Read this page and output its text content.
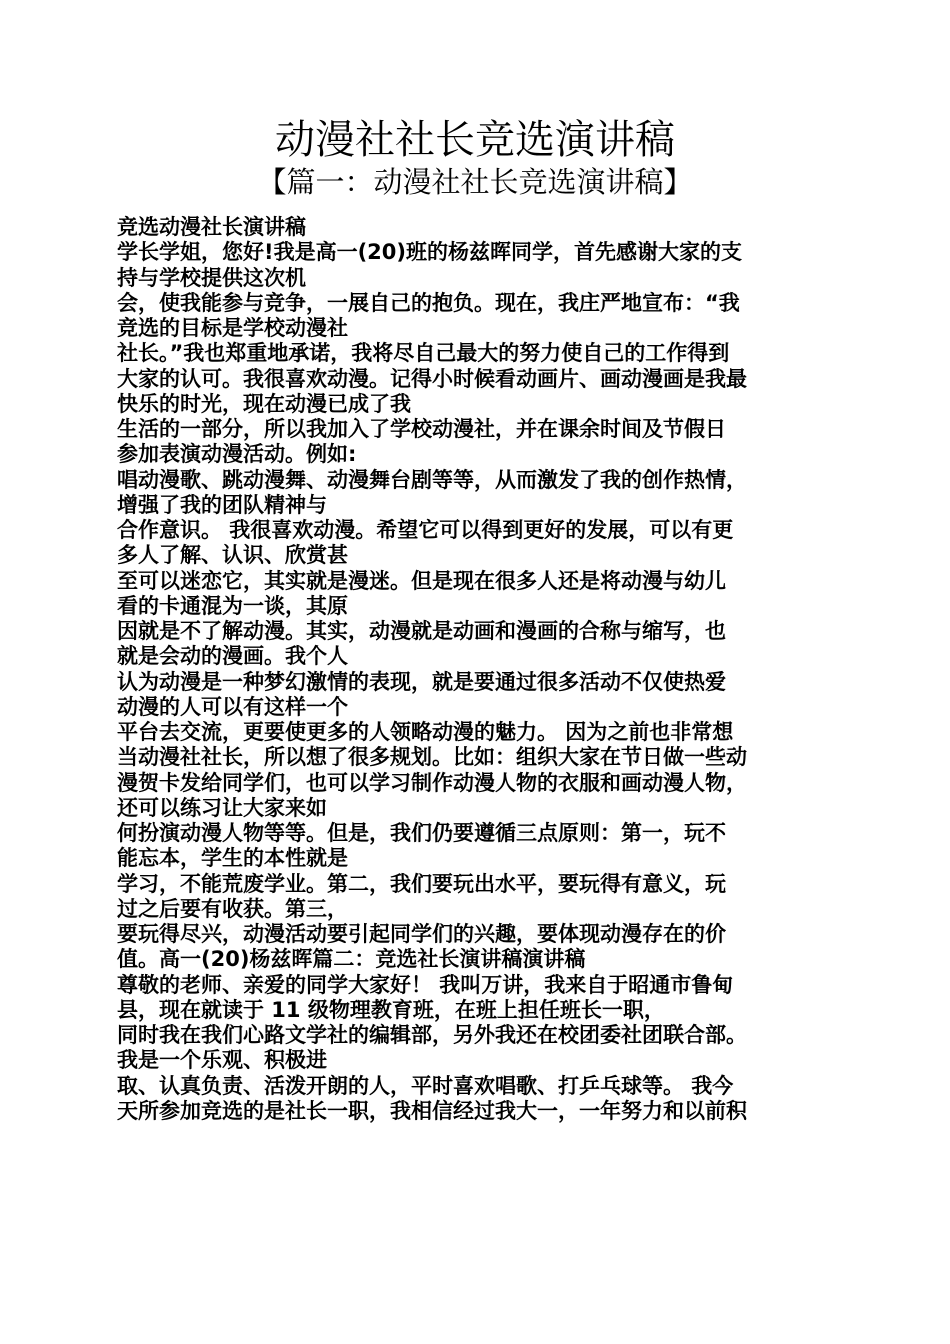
动漫社社长竞选演讲稿
【篇一：动漫社社长竞选演讲稿】
竞选动漫社长演讲稿
学长学姐，您好!我是高一(20)班的杨兹晖同学，首先感谢大家的支
持与学校提供这次机
会，使我能参与竞争，一展自己的抱负。现在，我庄严地宣布：“我
竞选的目标是学校动漫社
社长。”我也郑重地承诺，我将尽自己最大的努力使自己的工作得到
大家的认可。我很喜欢动漫。记得小时候看动画片、画动漫画是我最
快乐的时光，现在动漫已成了我
生活的一部分，所以我加入了学校动漫社，并在课余时间及节假日
参加表演动漫活动。例如:
唱动漫歌、跳动漫舞、动漫舞台剧等等，从而激发了我的创作热情，
增强了我的团队精神与
合作意识。 我很喜欢动漫。希望它可以得到更好的发展，可以有更
多人了解、认识、欣赏甚
至可以迷恋它，其实就是漫迷。但是现在很多人还是将动漫与幼儿
看的卡通混为一谈，其原
因就是不了解动漫。其实，动漫就是动画和漫画的合称与缩写，也
就是会动的漫画。我个人
认为动漫是一种梦幻激情的表现，就是要通过很多活动不仅使热爱
动漫的人可以有这样一个
平台去交流，更要使更多的人领略动漫的魅力。 因为之前也非常想
当动漫社社长，所以想了很多规划。比如：组织大家在节日做一些动
漫贺卡发给同学们，也可以学习制作动漫人物的衣服和画动漫人物，
还可以练习让大家来如
何扮演动漫人物等等。但是，我们仍要遵循三点原则：第一，玩不
能忘本，学生的本性就是
学习，不能荒废学业。第二，我们要玩出水平，要玩得有意义，玩
过之后要有收获。第三，
要玩得尽兴，动漫活动要引起同学们的兴趣，要体现动漫存在的价
值。高一(20)杨兹晖篇二：竞选社长演讲稿演讲稿
尊敬的老师、亲爱的同学大家好！ 我叫万讲，我来自于昭通市鲁甸
县，现在就读于 11 级物理教育班，在班上担任班长一职，
同时我在我们心路文学社的编辑部，另外我还在校团委社团联合部。
我是一个乐观、积极进
取、认真负责、活泼开朗的人，平时喜欢唱歌、打乒乓球等。 我今
天所参加竞选的是社长一职，我相信经过我大一，一年努力和以前积
